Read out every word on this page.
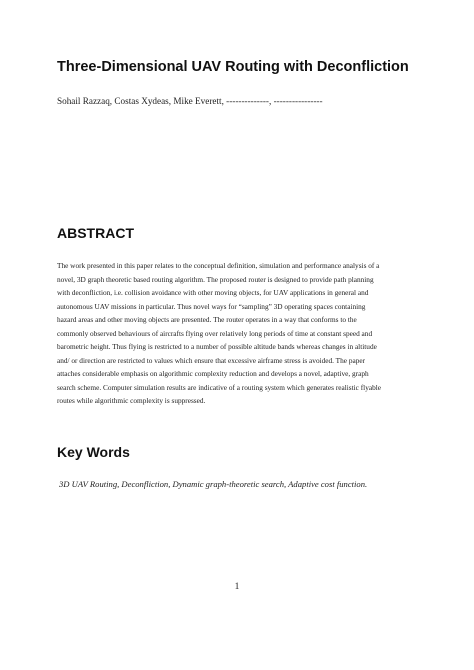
Three-Dimensional UAV Routing with Deconfliction
Sohail Razzaq, Costas Xydeas, Mike Everett, --------------, ----------------
ABSTRACT
The work presented in this paper relates to the conceptual definition, simulation and performance analysis of a
novel, 3D graph theoretic based routing algorithm. The proposed router is designed to provide path planning
with deconfliction, i.e. collision avoidance with other moving objects, for UAV applications in general and
autonomous UAV missions in particular. Thus novel ways for “sampling” 3D operating spaces containing
hazard areas and other moving objects are presented. The router operates in a way that conforms to the
commonly observed behaviours of aircrafts flying over relatively long periods of time at constant speed and
barometric height. Thus flying is restricted to a number of possible altitude bands whereas changes in altitude
and/ or direction are restricted to values which ensure that excessive airframe stress is avoided. The paper
attaches considerable emphasis on algorithmic complexity reduction and develops a novel, adaptive, graph
search scheme. Computer simulation results are indicative of a routing system which generates realistic flyable
routes while algorithmic complexity is suppressed.
Key Words
3D UAV Routing, Deconfliction, Dynamic graph-theoretic search, Adaptive cost function.
1
